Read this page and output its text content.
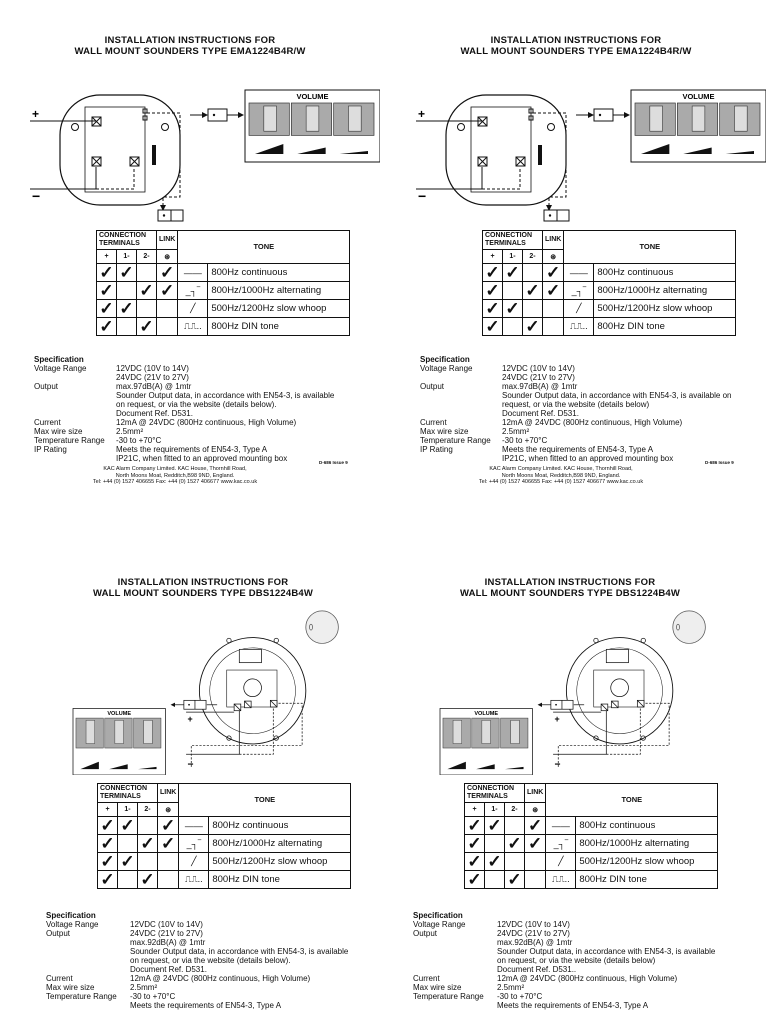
INSTALLATION INSTRUCTIONS FOR
WALL MOUNT SOUNDERS TYPE EMA1224B4R/W
+
−
VOLUME
CONNECTION TERMINALS			LINK	TONE	
+	1-	2-	⊛		
✓	✓		✓	——	800Hz continuous
✓		✓	✓	_┐‾	800Hz/1000Hz alternating
✓	✓			╱	500Hz/1200Hz slow whoop
✓		✓		⎍⎍..	800Hz DIN tone
Specification
Voltage Range	12VDC (10V to 14V)
24VDC (21V to 27V)
Output	max.97dB(A) @ 1mtr
Sounder Output data, in accordance with EN54-3, is available
on request, or via the website (details below).
Document Ref. D531.
Current	12mA @ 24VDC (800Hz continuous, High Volume)
Max wire size	2.5mm²
Temperature Range -30 to +70°C
IP Rating	Meets the requirements of EN54-3, Type A
IP21C, when fitted to an approved mounting box	D-686 Issue 9
KAC Alarm Company Limited. KAC House, Thornhill Road,
North Moons Moat, Redditch,B98 9ND, England.
Tel: +44 (0) 1527 406655 Fax: +44 (0) 1527 406677 www.kac.co.uk
INSTALLATION INSTRUCTIONS FOR
WALL MOUNT SOUNDERS TYPE EMA1224B4R/W
+
−
VOLUME
CONNECTION TERMINALS			LINK	TONE	
+	1-	2-	⊛		
✓	✓		✓	——	800Hz continuous
✓		✓	✓	_┐‾	800Hz/1000Hz alternating
✓	✓			╱	500Hz/1200Hz slow whoop
✓		✓		⎍⎍..	800Hz DIN tone
Specification
Voltage Range	12VDC (10V to 14V)
24VDC (21V to 27V)
Output	max.97dB(A) @ 1mtr
Sounder Output data, in accordance with EN54-3, is available on
request, or via the website (details below)
Document Ref. D531.
Current	12mA @ 24VDC (800Hz continuous, High Volume)
Max wire size	2.5mm²
Temperature Range -30 to +70°C
IP Rating	Meets the requirements of EN54-3, Type A
IP21C, when fitted to an approved mounting box	D-686 Issue 9
KAC Alarm Company Limited. KAC House, Thornhill Road,
North Moons Moat, Redditch,B98 9ND, England.
Tel: +44 (0) 1527 406655 Fax: +44 (0) 1527 406677 www.kac.co.uk
INSTALLATION INSTRUCTIONS FOR
WALL MOUNT SOUNDERS TYPE DBS1224B4W
+
−
VOLUME
CONNECTION TERMINALS			LINK	TONE	
+	1-	2-	⊛		
✓	✓		✓	——	800Hz continuous
✓		✓	✓	_┐‾	800Hz/1000Hz alternating
✓	✓			╱	500Hz/1200Hz slow whoop
✓		✓		⎍⎍..	800Hz DIN tone
Specification
Voltage Range	12VDC (10V to 14V)
Output	24VDC (21V to 27V)
max.92dB(A) @ 1mtr
Sounder Output data, in accordance with EN54-3, is available
on request, or via the website (details below).
Document Ref. D531.
Current	12mA @ 24VDC (800Hz continuous, High Volume)
Max wire size	2.5mm²
Temperature Range -30 to +70°C
Meets the requirements of EN54-3, Type A
INSTALLATION INSTRUCTIONS FOR
WALL MOUNT SOUNDERS TYPE DBS1224B4W
+
−
VOLUME
CONNECTION TERMINALS			LINK	TONE	
+	1-	2-	⊛		
✓	✓		✓	——	800Hz continuous
✓		✓	✓	_┐‾	800Hz/1000Hz alternating
✓	✓			╱	500Hz/1200Hz slow whoop
✓		✓		⎍⎍..	800Hz DIN tone
Specification
Voltage Range	12VDC (10V to 14V)
Output	24VDC (21V to 27V)
max.92dB(A) @ 1mtr
Sounder Output data, in accordance with EN54-3, is available
on request, or via the website (details below)
Document Ref. D531..
Current	12mA @ 24VDC (800Hz continuous, High Volume)
Max wire size	2.5mm²
Temperature Range -30 to +70°C
Meets the requirements of EN54-3, Type A
